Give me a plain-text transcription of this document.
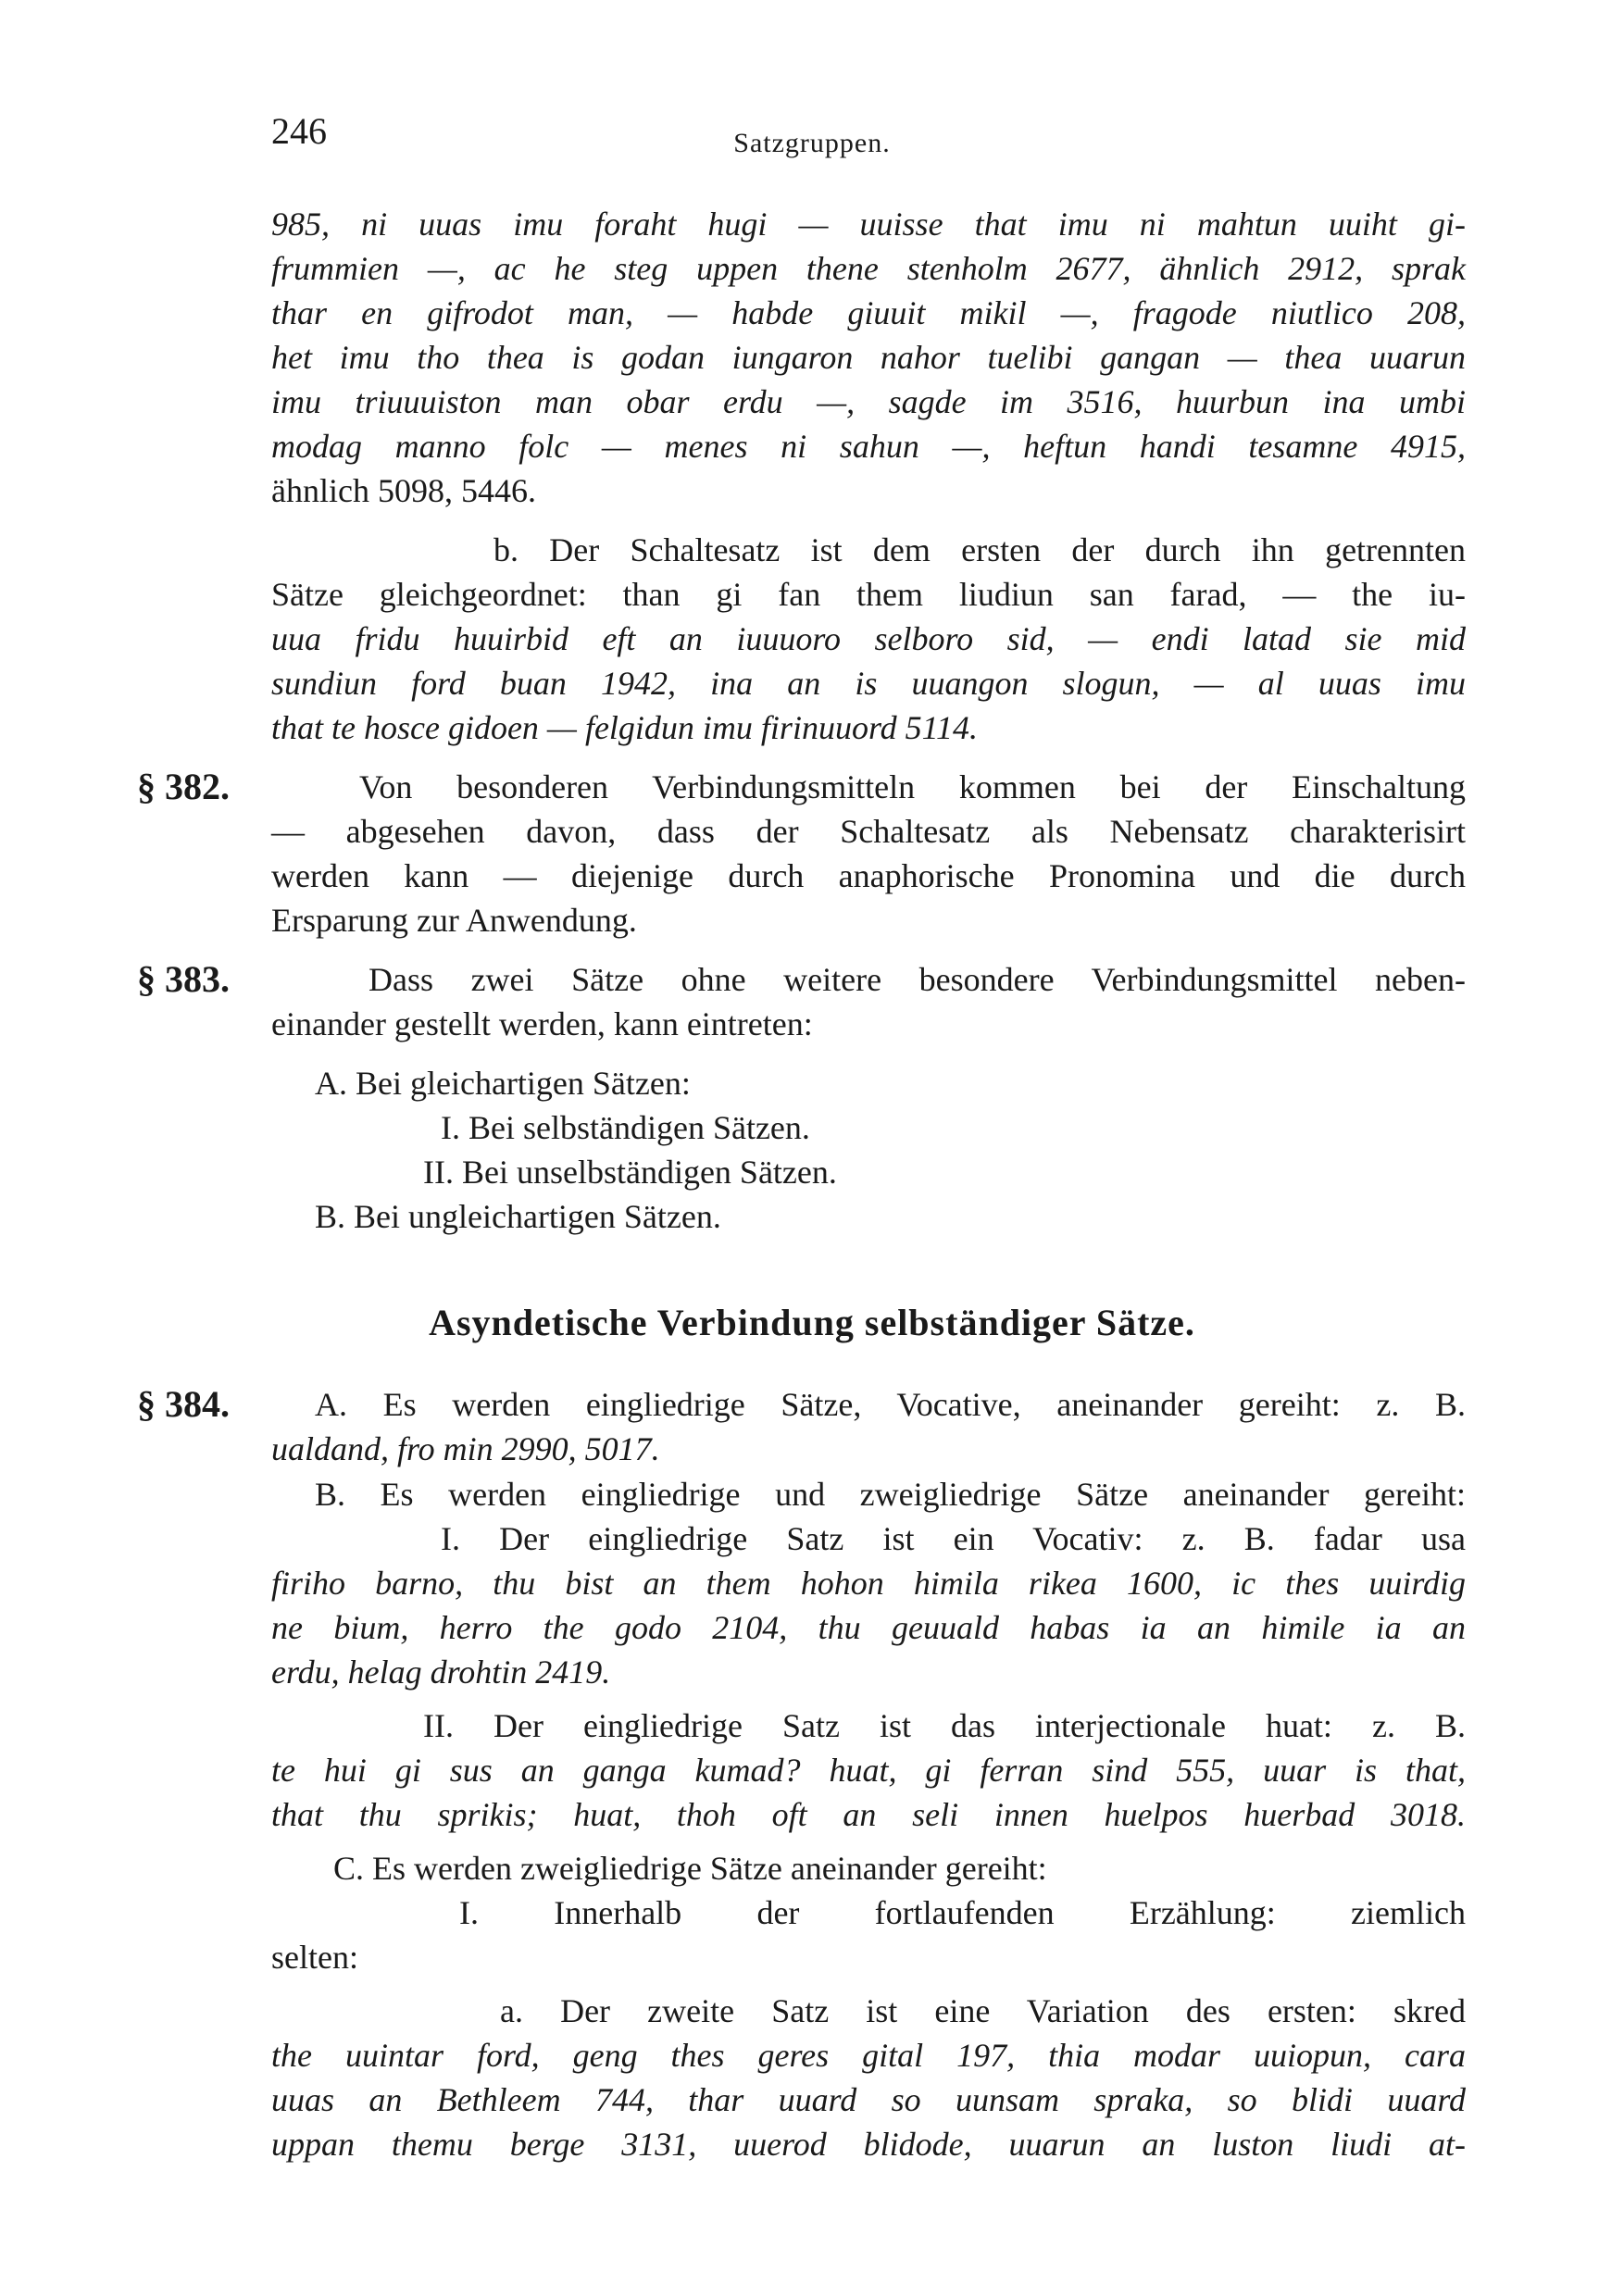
246	Satzgruppen.
985, ni uuas imu foraht hugi — uuisse that imu ni mahtun uuiht gi-
frummien —, ac he steg uppen thene stenholm 2677, ähnlich 2912, sprak
thar en gifrodot man, — habde giuuit mikil —, fragode niutlico 208,
het imu tho thea is godan iungaron nahor tuelibi gangan — thea uuarun
imu triuuuiston man obar erdu —, sagde im 3516, huurbun ina umbi
modag manno folc — menes ni sahun —, heftun handi tesamne 4915,
ähnlich 5098, 5446.
b. Der Schaltesatz ist dem ersten der durch ihn getrennten
Sätze gleichgeordnet: than gi fan them liudiun san farad, — the iu-
uua fridu huuirbid eft an iuuuoro selboro sid, — endi latad sie mid
sundiun ford buan 1942, ina an is uuangon slogun, — al uuas imu
that te hosce gidoen — felgidun imu firinuuord 5114.
§ 382.	Von besonderen Verbindungsmitteln kommen bei der Einschaltung
— abgesehen davon, dass der Schaltesatz als Nebensatz charakterisirt
werden kann — diejenige durch anaphorische Pronomina und die durch
Ersparung zur Anwendung.
§ 383.	Dass zwei Sätze ohne weitere besondere Verbindungsmittel neben-
einander gestellt werden, kann eintreten:
A. Bei gleichartigen Sätzen:
I. Bei selbständigen Sätzen.
II. Bei unselbständigen Sätzen.
B. Bei ungleichartigen Sätzen.
Asyndetische Verbindung selbständiger Sätze.
§ 384.	A. Es werden eingliedrige Sätze, Vocative, aneinander gereiht: z. B.
ualdand, fro min 2990, 5017.
B. Es werden eingliedrige und zweigliedrige Sätze aneinander gereiht:
I. Der eingliedrige Satz ist ein Vocativ: z. B. fadar usa
firiho barno, thu bist an them hohon himila rikea 1600, ic thes uuirdig
ne bium, herro the godo 2104, thu geuuald habas ia an himile ia an
erdu, helag drohtin 2419.
II. Der eingliedrige Satz ist das interjectionale huat: z. B.
te hui gi sus an ganga kumad? huat, gi ferran sind 555, uuar is that,
that thu sprikis; huat, thoh oft an seli innen huelpos huerbad 3018.
C. Es werden zweigliedrige Sätze aneinander gereiht:
I. Innerhalb der fortlaufenden Erzählung: ziemlich
selten:
a. Der zweite Satz ist eine Variation des ersten: skred
the uuintar ford, geng thes geres gital 197, thia modar uuiopun, cara
uuas an Bethleem 744, thar uuard so uunsam spraka, so blidi uuard
uppan themu berge 3131, uuerod blidode, uuarun an luston liudi at-
